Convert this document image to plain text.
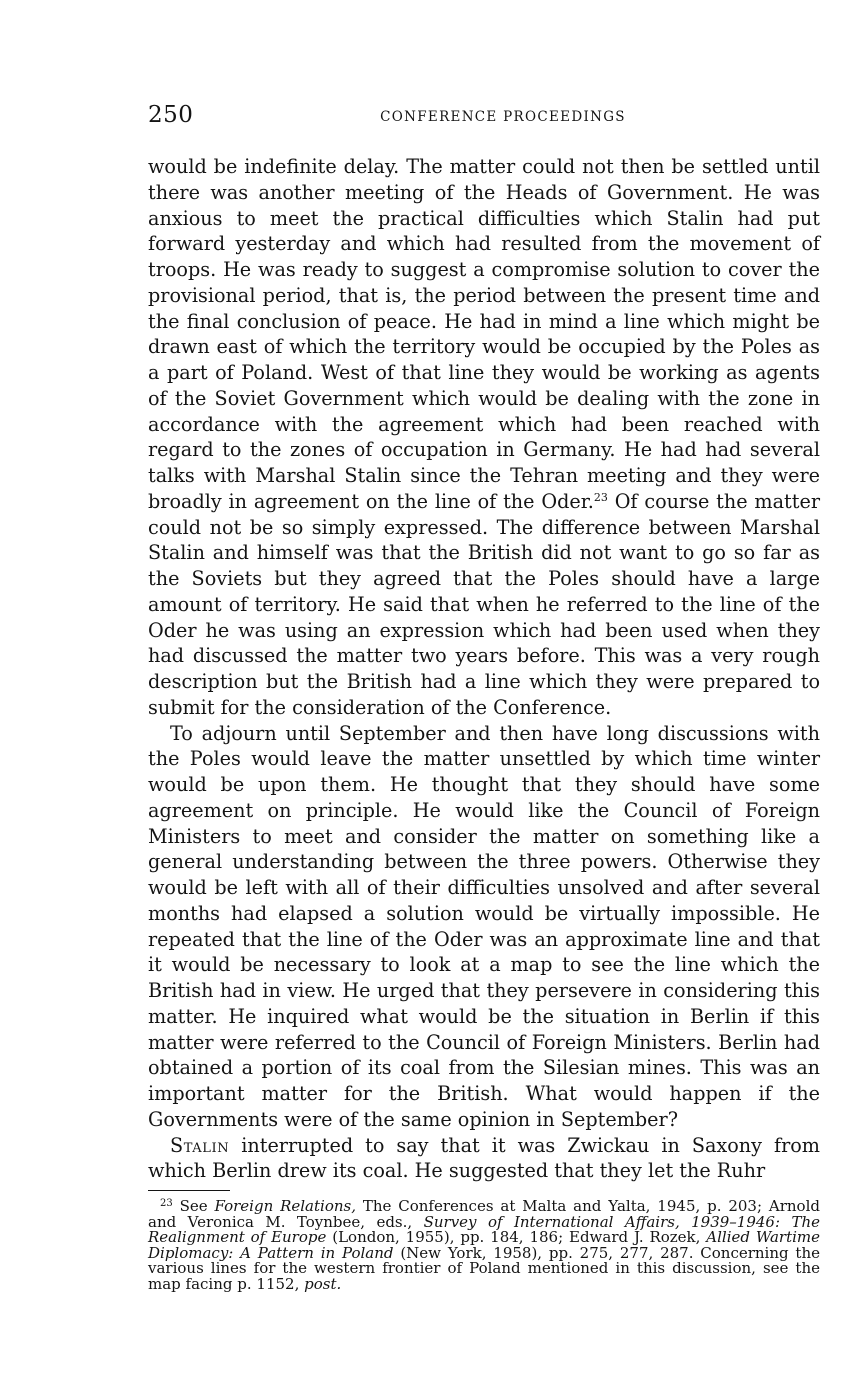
250	CONFERENCE PROCEEDINGS

would be indefinite delay. The matter could not then be settled until there was another meeting of the Heads of Government. He was anxious to meet the practical difficulties which Stalin had put forward yesterday and which had resulted from the movement of troops. He was ready to suggest a compromise solution to cover the provisional period, that is, the period between the present time and the final conclusion of peace. He had in mind a line which might be drawn east of which the territory would be occupied by the Poles as a part of Poland. West of that line they would be working as agents of the Soviet Government which would be dealing with the zone in accordance with the agreement which had been reached with regard to the zones of occupation in Germany. He had had several talks with Marshal Stalin since the Tehran meeting and they were broadly in agreement on the line of the Oder.$^{23}$ Of course the matter could not be so simply expressed. The difference between Marshal Stalin and himself was that the British did not want to go so far as the Soviets but they agreed that the Poles should have a large amount of territory. He said that when he referred to the line of the Oder he was using an expression which had been used when they had discussed the matter two years before. This was a very rough description but the British had a line which they were prepared to submit for the consideration of the Conference.

To adjourn until September and then have long discussions with the Poles would leave the matter unsettled by which time winter would be upon them. He thought that they should have some agreement on principle. He would like the Council of Foreign Ministers to meet and consider the matter on something like a general understanding between the three powers. Otherwise they would be left with all of their difficulties unsolved and after several months had elapsed a solution would be virtually impossible. He repeated that the line of the Oder was an approximate line and that it would be necessary to look at a map to see the line which the British had in view. He urged that they persevere in considering this matter. He inquired what would be the situation in Berlin if this matter were referred to the Council of Foreign Ministers. Berlin had obtained a portion of its coal from the Silesian mines. This was an important matter for the British. What would happen if the Governments were of the same opinion in September?

Stalin interrupted to say that it was Zwickau in Saxony from which Berlin drew its coal. He suggested that they let the Ruhr

$^{23}$ See Foreign Relations, The Conferences at Malta and Yalta, 1945, p. 203; Arnold and Veronica M. Toynbee, eds., Survey of International Affairs, 1939–1946: The Realignment of Europe (London, 1955), pp. 184, 186; Edward J. Rozek, Allied Wartime Diplomacy: A Pattern in Poland (New York, 1958), pp. 275, 277, 287. Concerning the various lines for the western frontier of Poland mentioned in this discussion, see the map facing p. 1152, post.
